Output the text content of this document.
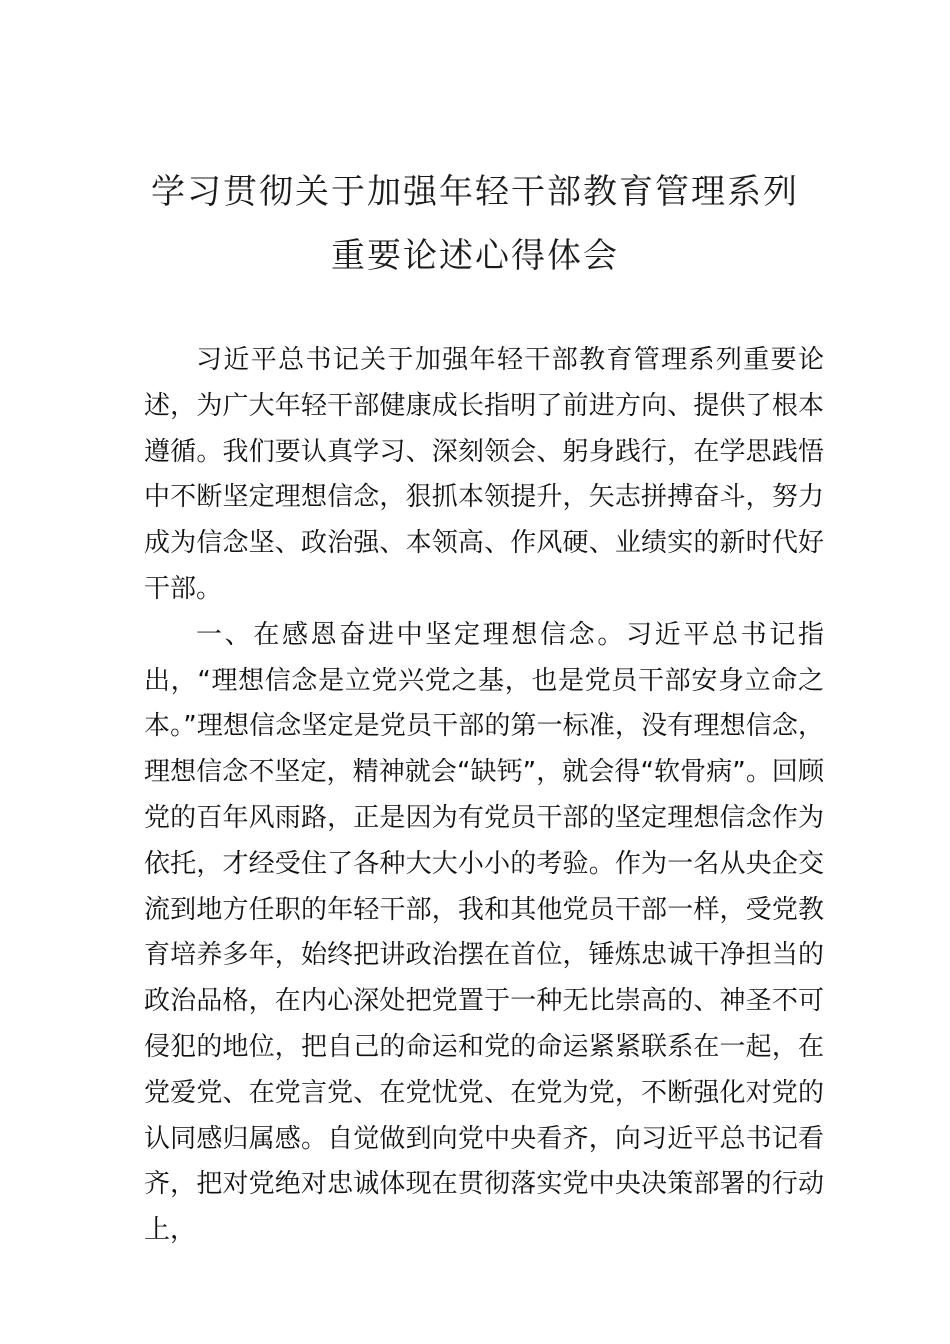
学习贯彻关于加强年轻干部教育管理系列
重要论述心得体会

习近平总书记关于加强年轻干部教育管理系列重要论述，为广大年轻干部健康成长指明了前进方向、提供了根本遵循。我们要认真学习、深刻领会、躬身践行，在学思践悟中不断坚定理想信念，狠抓本领提升，矢志拼搏奋斗，努力成为信念坚、政治强、本领高、作风硬、业绩实的新时代好干部。

一、在感恩奋进中坚定理想信念。习近平总书记指出，“理想信念是立党兴党之基，也是党员干部安身立命之本。”理想信念坚定是党员干部的第一标准，没有理想信念，理想信念不坚定，精神就会“缺钙”，就会得“软骨病”。回顾党的百年风雨路，正是因为有党员干部的坚定理想信念作为依托，才经受住了各种大大小小的考验。作为一名从央企交流到地方任职的年轻干部，我和其他党员干部一样，受党教育培养多年，始终把讲政治摆在首位，锤炼忠诚干净担当的政治品格，在内心深处把党置于一种无比崇高的、神圣不可侵犯的地位，把自己的命运和党的命运紧紧联系在一起，在党爱党、在党言党、在党忧党、在党为党，不断强化对党的认同感归属感。自觉做到向党中央看齐，向习近平总书记看齐，把对党绝对忠诚体现在贯彻落实党中央决策部署的行动上，
